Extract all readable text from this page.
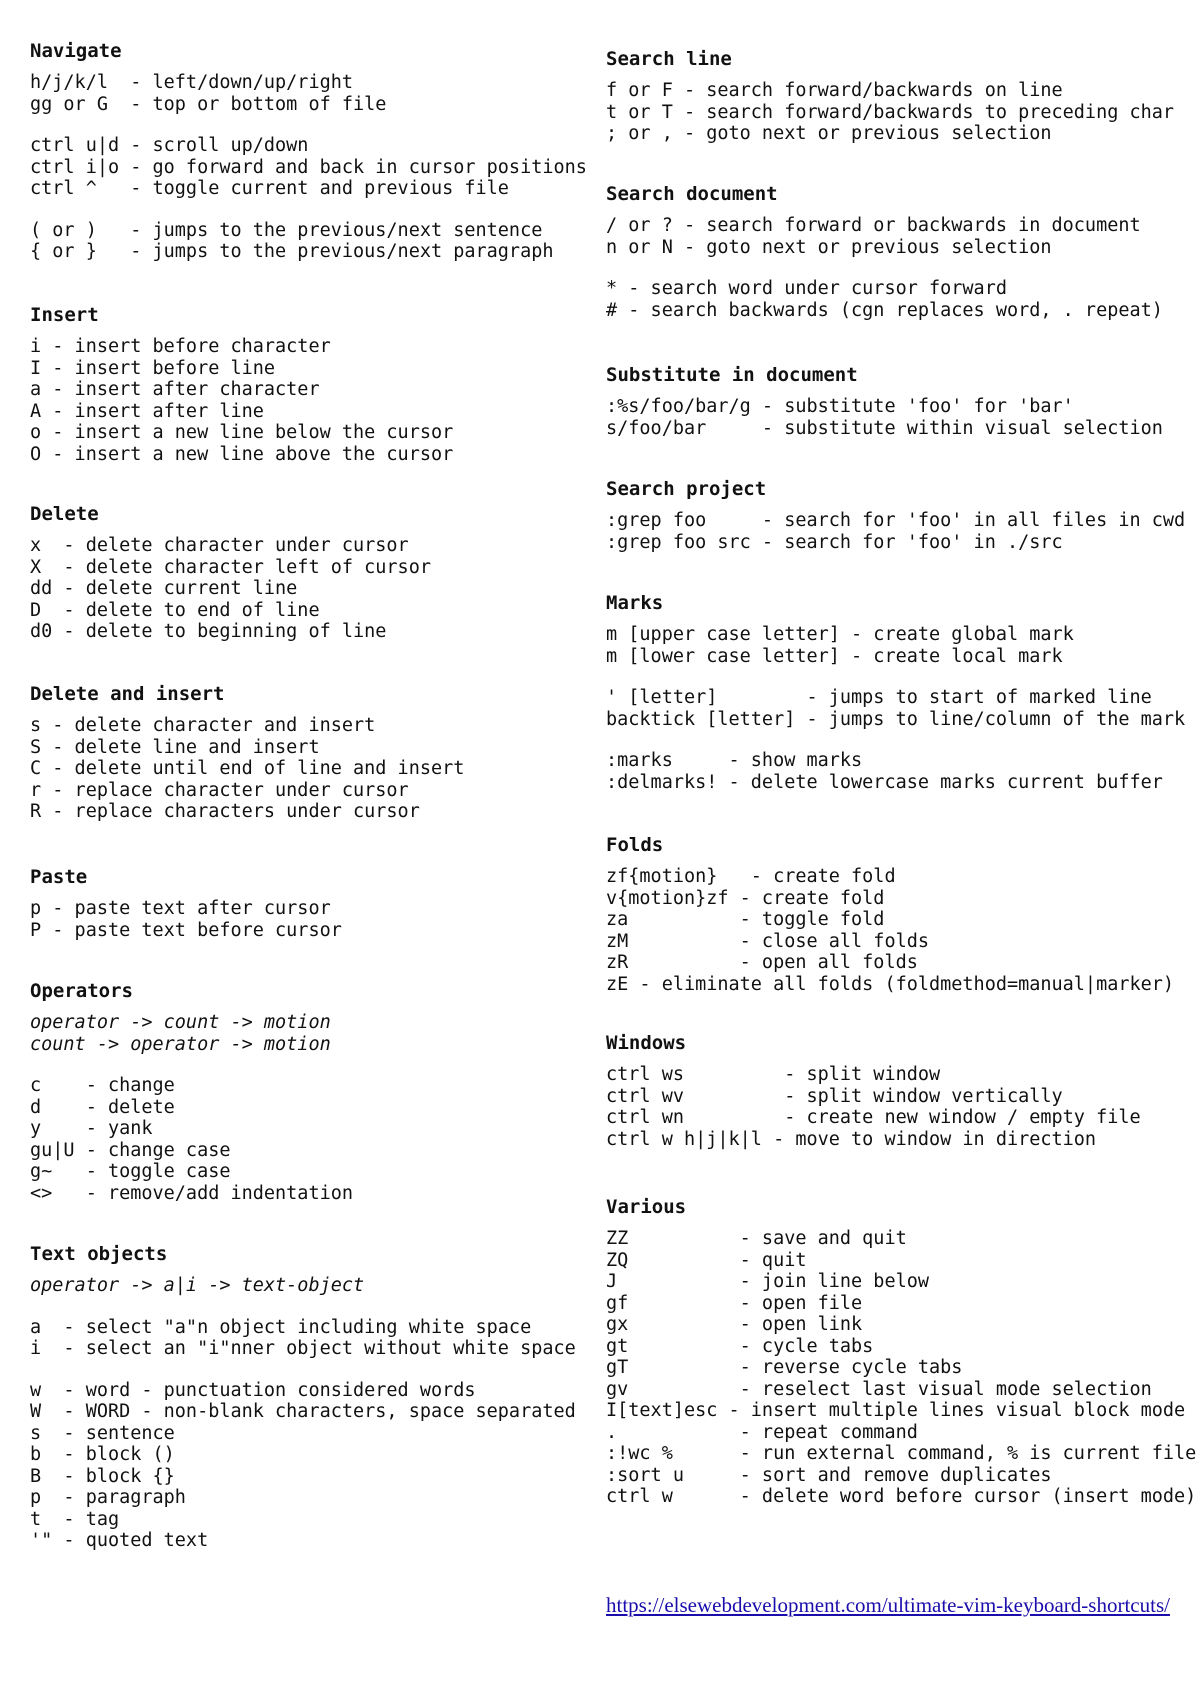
Navigate
h/j/k/l  - left/down/up/right
gg or G  - top or bottom of file
ctrl u|d - scroll up/down
ctrl i|o - go forward and back in cursor positions
ctrl ^   - toggle current and previous file
( or )   - jumps to the previous/next sentence
{ or }   - jumps to the previous/next paragraph
Insert
i - insert before character
I - insert before line
a - insert after character
A - insert after line
o - insert a new line below the cursor
O - insert a new line above the cursor
Delete
x  - delete character under cursor
X  - delete character left of cursor
dd - delete current line
D  - delete to end of line
d0 - delete to beginning of line
Delete and insert
s - delete character and insert
S - delete line and insert
C - delete until end of line and insert
r - replace character under cursor
R - replace characters under cursor
Paste
p - paste text after cursor
P - paste text before cursor
Operators
operator -> count -> motion
count -> operator -> motion
c    - change
d    - delete
y    - yank
gu|U - change case
g~   - toggle case
<>   - remove/add indentation
Text objects
operator -> a|i -> text-object
a  - select "a"n object including white space
i  - select an "i"nner object without white space
w  - word - punctuation considered words
W  - WORD - non-blank characters, space separated
s  - sentence
b  - block ()
B  - block {}
p  - paragraph
t  - tag
'" - quoted text
Search line
f or F - search forward/backwards on line
t or T - search forward/backwards to preceding char
; or , - goto next or previous selection
Search document
/ or ? - search forward or backwards in document
n or N - goto next or previous selection
* - search word under cursor forward
# - search backwards (cgn replaces word, . repeat)
Substitute in document
:%s/foo/bar/g - substitute 'foo' for 'bar'
s/foo/bar     - substitute within visual selection
Search project
:grep foo     - search for 'foo' in all files in cwd
:grep foo src - search for 'foo' in ./src
Marks
m [upper case letter] - create global mark
m [lower case letter] - create local mark
' [letter]        - jumps to start of marked line
backtick [letter] - jumps to line/column of the mark
:marks     - show marks
:delmarks! - delete lowercase marks current buffer
Folds
zf{motion}   - create fold
v{motion}zf - create fold
za          - toggle fold
zM          - close all folds
zR          - open all folds
zE - eliminate all folds (foldmethod=manual|marker)
Windows
ctrl ws         - split window
ctrl wv         - split window vertically
ctrl wn         - create new window / empty file
ctrl w h|j|k|l - move to window in direction
Various
ZZ          - save and quit
ZQ          - quit
J           - join line below
gf          - open file
gx          - open link
gt          - cycle tabs
gT          - reverse cycle tabs
gv          - reselect last visual mode selection
I[text]esc - insert multiple lines visual block mode
.           - repeat command
:!wc %      - run external command, % is current file
:sort u     - sort and remove duplicates
ctrl w      - delete word before cursor (insert mode)
https://elsewebdevelopment.com/ultimate-vim-keyboard-shortcuts/
